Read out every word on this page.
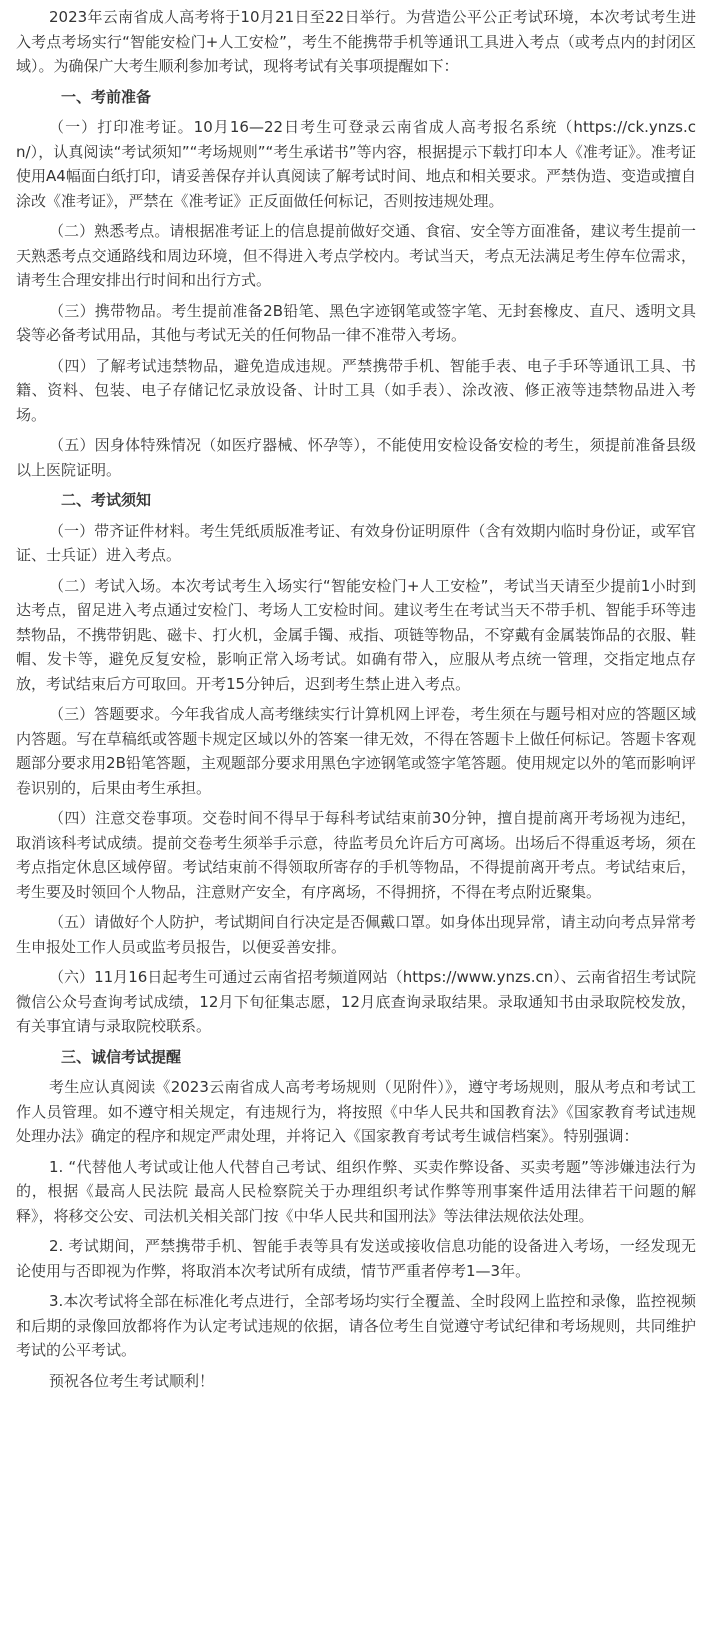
2023年云南省成人高考将于10月21日至22日举行。为营造公平公正考试环境，本次考试考生进入考点考场实行“智能安检门+人工安检”，考生不能携带手机等通讯工具进入考点（或考点内的封闭区域）。为确保广大考生顺利参加考试，现将考试有关事项提醒如下：

一、考前准备

（一）打印准考证。10月16—22日考生可登录云南省成人高考报名系统（https://ck.ynzs.cn/），认真阅读“考试须知”“考场规则”“考生承诺书”等内容，根据提示下载打印本人《准考证》。准考证使用A4幅面白纸打印，请妥善保存并认真阅读了解考试时间、地点和相关要求。严禁伪造、变造或擅自涂改《准考证》，严禁在《准考证》正反面做任何标记，否则按违规处理。

（二）熟悉考点。请根据准考证上的信息提前做好交通、食宿、安全等方面准备，建议考生提前一天熟悉考点交通路线和周边环境，但不得进入考点学校内。考试当天，考点无法满足考生停车位需求，请考生合理安排出行时间和出行方式。

（三）携带物品。考生提前准备2B铅笔、黑色字迹钢笔或签字笔、无封套橡皮、直尺、透明文具袋等必备考试用品，其他与考试无关的任何物品一律不准带入考场。

（四）了解考试违禁物品，避免造成违规。严禁携带手机、智能手表、电子手环等通讯工具、书籍、资料、包装、电子存储记忆录放设备、计时工具（如手表）、涂改液、修正液等违禁物品进入考场。

（五）因身体特殊情况（如医疗器械、怀孕等），不能使用安检设备安检的考生，须提前准备县级以上医院证明。

二、考试须知

（一）带齐证件材料。考生凭纸质版准考证、有效身份证明原件（含有效期内临时身份证，或军官证、士兵证）进入考点。

（二）考试入场。本次考试考生入场实行“智能安检门+人工安检”，考试当天请至少提前1小时到达考点，留足进入考点通过安检门、考场人工安检时间。建议考生在考试当天不带手机、智能手环等违禁物品，不携带钥匙、磁卡、打火机，金属手镯、戒指、项链等物品，不穿戴有金属装饰品的衣服、鞋帽、发卡等，避免反复安检，影响正常入场考试。如确有带入，应服从考点统一管理，交指定地点存放，考试结束后方可取回。开考15分钟后，迟到考生禁止进入考点。

（三）答题要求。今年我省成人高考继续实行计算机网上评卷，考生须在与题号相对应的答题区域内答题。写在草稿纸或答题卡规定区域以外的答案一律无效，不得在答题卡上做任何标记。答题卡客观题部分要求用2B铅笔答题，主观题部分要求用黑色字迹钢笔或签字笔答题。使用规定以外的笔而影响评卷识别的，后果由考生承担。

（四）注意交卷事项。交卷时间不得早于每科考试结束前30分钟，擅自提前离开考场视为违纪，取消该科考试成绩。提前交卷考生须举手示意，待监考员允许后方可离场。出场后不得重返考场，须在考点指定休息区域停留。考试结束前不得领取所寄存的手机等物品，不得提前离开考点。考试结束后，考生要及时领回个人物品，注意财产安全，有序离场，不得拥挤，不得在考点附近聚集。

（五）请做好个人防护，考试期间自行决定是否佩戴口罩。如身体出现异常，请主动向考点异常考生申报处工作人员或监考员报告，以便妥善安排。

（六）11月16日起考生可通过云南省招考频道网站（https://www.ynzs.cn）、云南省招生考试院微信公众号查询考试成绩，12月下旬征集志愿，12月底查询录取结果。录取通知书由录取院校发放，有关事宜请与录取院校联系。

三、诚信考试提醒

考生应认真阅读《2023云南省成人高考考场规则（见附件）》，遵守考场规则，服从考点和考试工作人员管理。如不遵守相关规定，有违规行为，将按照《中华人民共和国教育法》《国家教育考试违规处理办法》确定的程序和规定严肃处理，并将记入《国家教育考试考生诚信档案》。特别强调：

1. “代替他人考试或让他人代替自己考试、组织作弊、买卖作弊设备、买卖考题”等涉嫌违法行为的，根据《最高人民法院 最高人民检察院关于办理组织考试作弊等刑事案件适用法律若干问题的解释》，将移交公安、司法机关相关部门按《中华人民共和国刑法》等法律法规依法处理。

2. 考试期间，严禁携带手机、智能手表等具有发送或接收信息功能的设备进入考场，一经发现无论使用与否即视为作弊，将取消本次考试所有成绩，情节严重者停考1—3年。

3.本次考试将全部在标准化考点进行，全部考场均实行全覆盖、全时段网上监控和录像，监控视频和后期的录像回放都将作为认定考试违规的依据，请各位考生自觉遵守考试纪律和考场规则，共同维护考试的公平考试。

预祝各位考生考试顺利！
